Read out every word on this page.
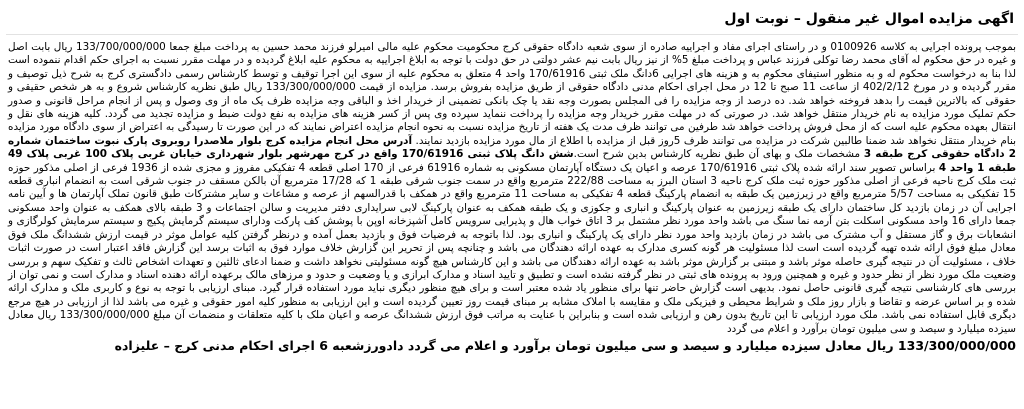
اگهی مزایده اموال غیر منقول – نوبت اول
بموجب پرونده اجرایی به کلاسه 0100926 و در راستای اجرای مفاد و اجراییه صادره از سوی شعبه دادگاه حقوقی کرج محکومیت محکوم علیه مالی امیرلو فرزند محمد حسین به پرداخت مبلغ جمعا 133/700/000/000 ریال بابت اصل و غیره در حق محکوم له آقای محمد رضا توکلی فرزند عباس و پرداخت مبلغ 5% از نیز ریال بابت نیم عشر دولتی در حق دولت با توجه به ابلاغ اجراییه به محکوم علیه ابلاغ گردیده و در مهلت مقرر نسبت به اجرای حکم اقدام ننموده است لذا بنا به درخواست محکوم له و به منظور استیفای محکوم به و هزینه های اجرایی 6دانگ ملک ثبتی 170/61916 واحد 4 متعلق به محکوم علیه از سوی این اجرا توقیف و توسط کارشناس رسمی دادگستری کرج به شرح ذیل توصیف و مقرر گردیده و در مورخ 402/2/12 از ساعت 11 صبح تا 12 در محل اجرای احکام مدنی دادگاه حقوقی از طریق مزایده بفروش برسد. مزایده از قیمت 133/300/000/000 ریال طبق نظریه کارشناس شروع و به هر شخص حقیقی و حقوقی که بالاترین قیمت را بدهد فروخته خواهد شد. ده درصد از وجه مزایده را فی المجلس بصورت وجه نقد یا چک بانکی تضمینی از خریدار اخذ و الباقی وجه مزایده ظرف یک ماه از وی وصول و پس از انجام مراحل قانونی و صدور حکم تملیک مورد مزایده به نام خریدار منتقل خواهد شد. در صورتی که در مهلت مقرر خریدار وجه مزایده را پرداخت ننماید سپرده وی پس از کسر هزینه های مزایده به نفع دولت ضبط و مزایده تجدید می گردد. کلیه هزینه های نقل و انتقال بعهده محکوم علیه است که از محل فروش پرداخت خواهد شد طرفین می توانند ظرف مدت یک هفته از تاریخ مزایده نسبت به نحوه انجام مزایده اعتراض نمایند که در این صورت تا رسیدگی به اعتراض از سوی دادگاه مورد مزایده بنام خریدار منتقل نخواهد شد ضمنا طالبین شرکت در مزایده می توانند ظرف 5روز قبل از مزایده با اطلاع از مال مورد مزایده بازدید نمایند. آدرس محل انجام مزایده کرج بلوار ملاصدرا روبروی پارک نبوت ساختمان شماره 2 دادگاه حقوقی کرج طبقه 3 مشخصات ملک و بهای آن طبق نظریه کارشناس بدین شرح است.شش دانگ پلاک ثبتی 170/61916 واقع در کرج مهرشهر بلوار شهرداری خیابان غربی پلاک 100 غربی پلاک 49 طبقه 1 واحد 4 براساس تصویر سند ارائه شده پلاک ثبتی 170/61916 عرصه و اعیان یک دستگاه آپارتمان مسکونی به شماره 61916 فرعی از 170 اصلی قطعه 4 تفکیکی مفروز و مجزی شده از 1936 فرعی از اصلی مذکور حوزه ثبت ملک کرج ناحیه فرعی از اصلی مذکور حوزه ثبت ملک کرج ناحیه 3 استان البرز به مساحت 222/88 مترمربع واقع در سمت جنوب شرقی طبقه 1 که 17/28 مترمربع آن بالکن مسقف در جنوب شرقی است به انضمام انباری قطعه 15 تفکیکی به مساحت 5/57 مترمربع واقع در زیرزمین یک طبقه به انضمام پارکینگ قطعه 4 تفکیکی به مساحت 11 مترمربع واقع در همکف با قدرالسهم از عرصه و مشاعات و سایر مشترکات طبق قانون تملک آپارتمان ها و آیین نامه اجرایی آن در زمان بازدید کل ساختمان دارای یک طبقه زیرزمین به عنوان پارکینگ و انباری و جکوزی و یک طبقه همکف به عنوان پارکینگ لابی سرایداری دفتر مدیریت و سالن اجتماعات و 3 طبقه بالای همکف به عنوان واحد مسکونی جمعا دارای 16 واحد مسکونی اسکلت بتن آرمه نما سنگ می باشد واحد مورد نظر مشتمل بر 3 اتاق خواب هال و پذیرایی سرویس کامل آشپزخانه اوپن با پوشش کف پارکت ودارای سیستم گرمایش پکیج و سیستم سرمایش کولرگازی و انشعابات برق و گاز مستقل و آب مشترک می باشد در زمان بازدید واحد مورد نظر دارای یک پارکینگ و انباری بود. لذا باتوجه به فرضیات فوق و بازدید بعمل آمده و درنظر گرفتن کلیه عوامل موثر در قیمت ارزش ششدانگ ملک فوق معادل مبلغ فوق ارائه شده تهیه گردیده است است لذا مسئولیت هر گونه کسری مدارک به عهده ارائه دهندگان می باشد و چنانچه پس از تحریر این گزارش خلاف موارد فوق به اثبات برسد این گزارش فاقد اعتبار است در صورت اثبات خلاف ، مسئولیت آن در نتیجه گیری حاصله موثر باشد و مبتنی بر گزارش موثر باشد به عهده ارائه دهندگان می باشد و این کارشناس هیچ گونه مسئولیتی نخواهد داشت و ضمنا ادعای ثالثین و تعهدات اشخاص ثالث و تفکیک سهم و بررسی وضعیت ملک مورد نظر از نظر حدود و غیره و همچنین ورود به پرونده های ثبتی در نظر گرفته نشده است و تطبیق و تایید اسناد و مدارک ابرازی و یا وضعیت و حدود و مرزهای مالک برعهده ارائه دهنده اسناد و مدارک است و نمی توان از بررسی های کارشناسی نتیجه گیری قانونی حاصل نمود. بدیهی است گزارش حاضر تنها برای منظور یاد شده معتبر است و برای هیچ منظور دیگری نباید مورد استفاده قرار گیرد. مبنای ارزیابی با توجه به نوع و کاربری ملک و مدارک ارائه شده و بر اساس عرضه و تقاضا و بازار روز ملک و شرایط محیطی و فیزیکی ملک و مقایسه با املاک مشابه بر مبنای قیمت روز تعیین گردیده است و این ارزیابی به منظور کلیه امور حقوقی و غیره می باشد لذا از ارزیابی در هیچ مرجع دیگری قابل استفاده نمی باشد. ملک مورد ارزیابی تا این تاریخ بدون رهن و ارزیابی شده است و بنابراین با عنایت به مراتب فوق ارزش ششدانگ عرصه و اعیان ملک با کلیه متعلقات و منضمات آن مبلغ 133/300/000/000 ریال معادل سیزده میلیارد و سیصد و سی میلیون تومان برآورد و اعلام می گردد
133/300/000/000 ریال معادل سیزده میلیارد و سیصد و سی میلیون تومان برآورد و اعلام می گردد دادورزشعبه 6 اجرای احکام مدنی کرج – علیزاده
